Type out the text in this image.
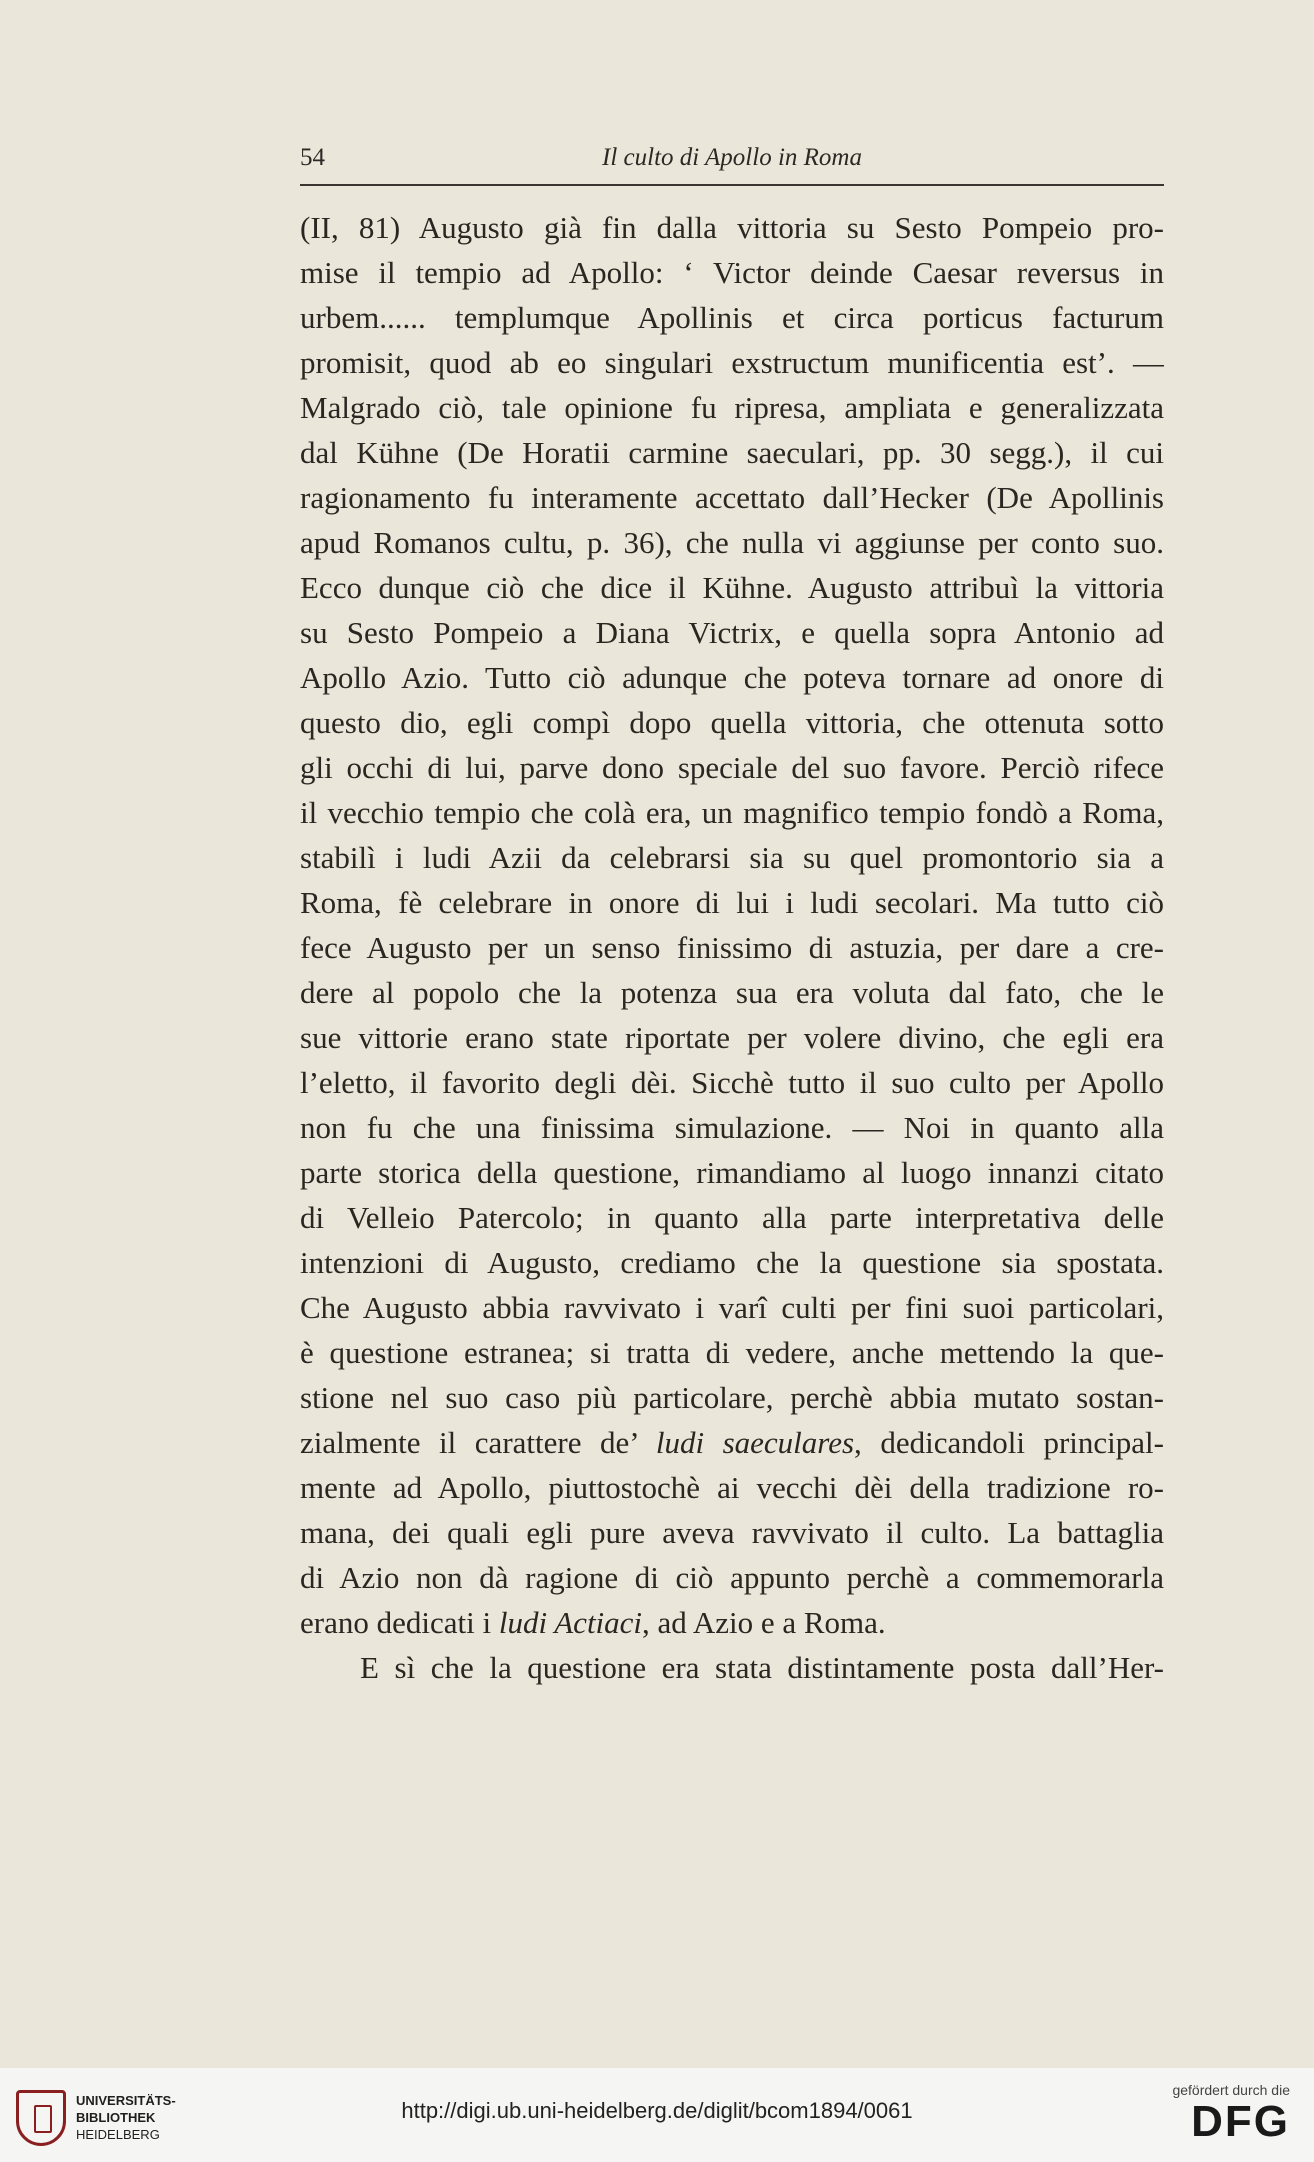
54	Il culto di Apollo in Roma
(II, 81) Augusto già fin dalla vittoria su Sesto Pompeio pro-
mise il tempio ad Apollo: ‘ Victor deinde Caesar reversus in
urbem...... templumque Apollinis et circa porticus facturum
promisit, quod ab eo singulari exstructum munificentia est’. —
Malgrado ciò, tale opinione fu ripresa, ampliata e generalizzata
dal Kühne (De Horatii carmine saeculari, pp. 30 segg.), il cui
ragionamento fu interamente accettato dall’Hecker (De Apollinis
apud Romanos cultu, p. 36), che nulla vi aggiunse per conto suo.
Ecco dunque ciò che dice il Kühne. Augusto attribuì la vittoria
su Sesto Pompeio a Diana Victrix, e quella sopra Antonio ad
Apollo Azio. Tutto ciò adunque che poteva tornare ad onore di
questo dio, egli compì dopo quella vittoria, che ottenuta sotto
gli occhi di lui, parve dono speciale del suo favore. Perciò rifece
il vecchio tempio che colà era, un magnifico tempio fondò a Roma,
stabilì i ludi Azii da celebrarsi sia su quel promontorio sia a
Roma, fè celebrare in onore di lui i ludi secolari. Ma tutto ciò
fece Augusto per un senso finissimo di astuzia, per dare a cre-
dere al popolo che la potenza sua era voluta dal fato, che le
sue vittorie erano state riportate per volere divino, che egli era
l’eletto, il favorito degli dèi. Sicchè tutto il suo culto per Apollo
non fu che una finissima simulazione. — Noi in quanto alla
parte storica della questione, rimandiamo al luogo innanzi citato
di Velleio Patercolo; in quanto alla parte interpretativa delle
intenzioni di Augusto, crediamo che la questione sia spostata.
Che Augusto abbia ravvivato i varî culti per fini suoi particolari,
è questione estranea; si tratta di vedere, anche mettendo la que-
stione nel suo caso più particolare, perchè abbia mutato sostan-
zialmente il carattere de’ ludi saeculares, dedicandoli principal-
mente ad Apollo, piuttostochè ai vecchi dèi della tradizione ro-
mana, dei quali egli pure aveva ravvivato il culto. La battaglia
di Azio non dà ragione di ciò appunto perchè a commemorarla
erano dedicati i ludi Actiaci, ad Azio e a Roma.
E sì che la questione era stata distintamente posta dall’Her-
UNIVERSITÄTS-
BIBLIOTHEK
HEIDELBERG
http://digi.ub.uni-heidelberg.de/diglit/bcom1894/0061
gefördert durch die
DFG
